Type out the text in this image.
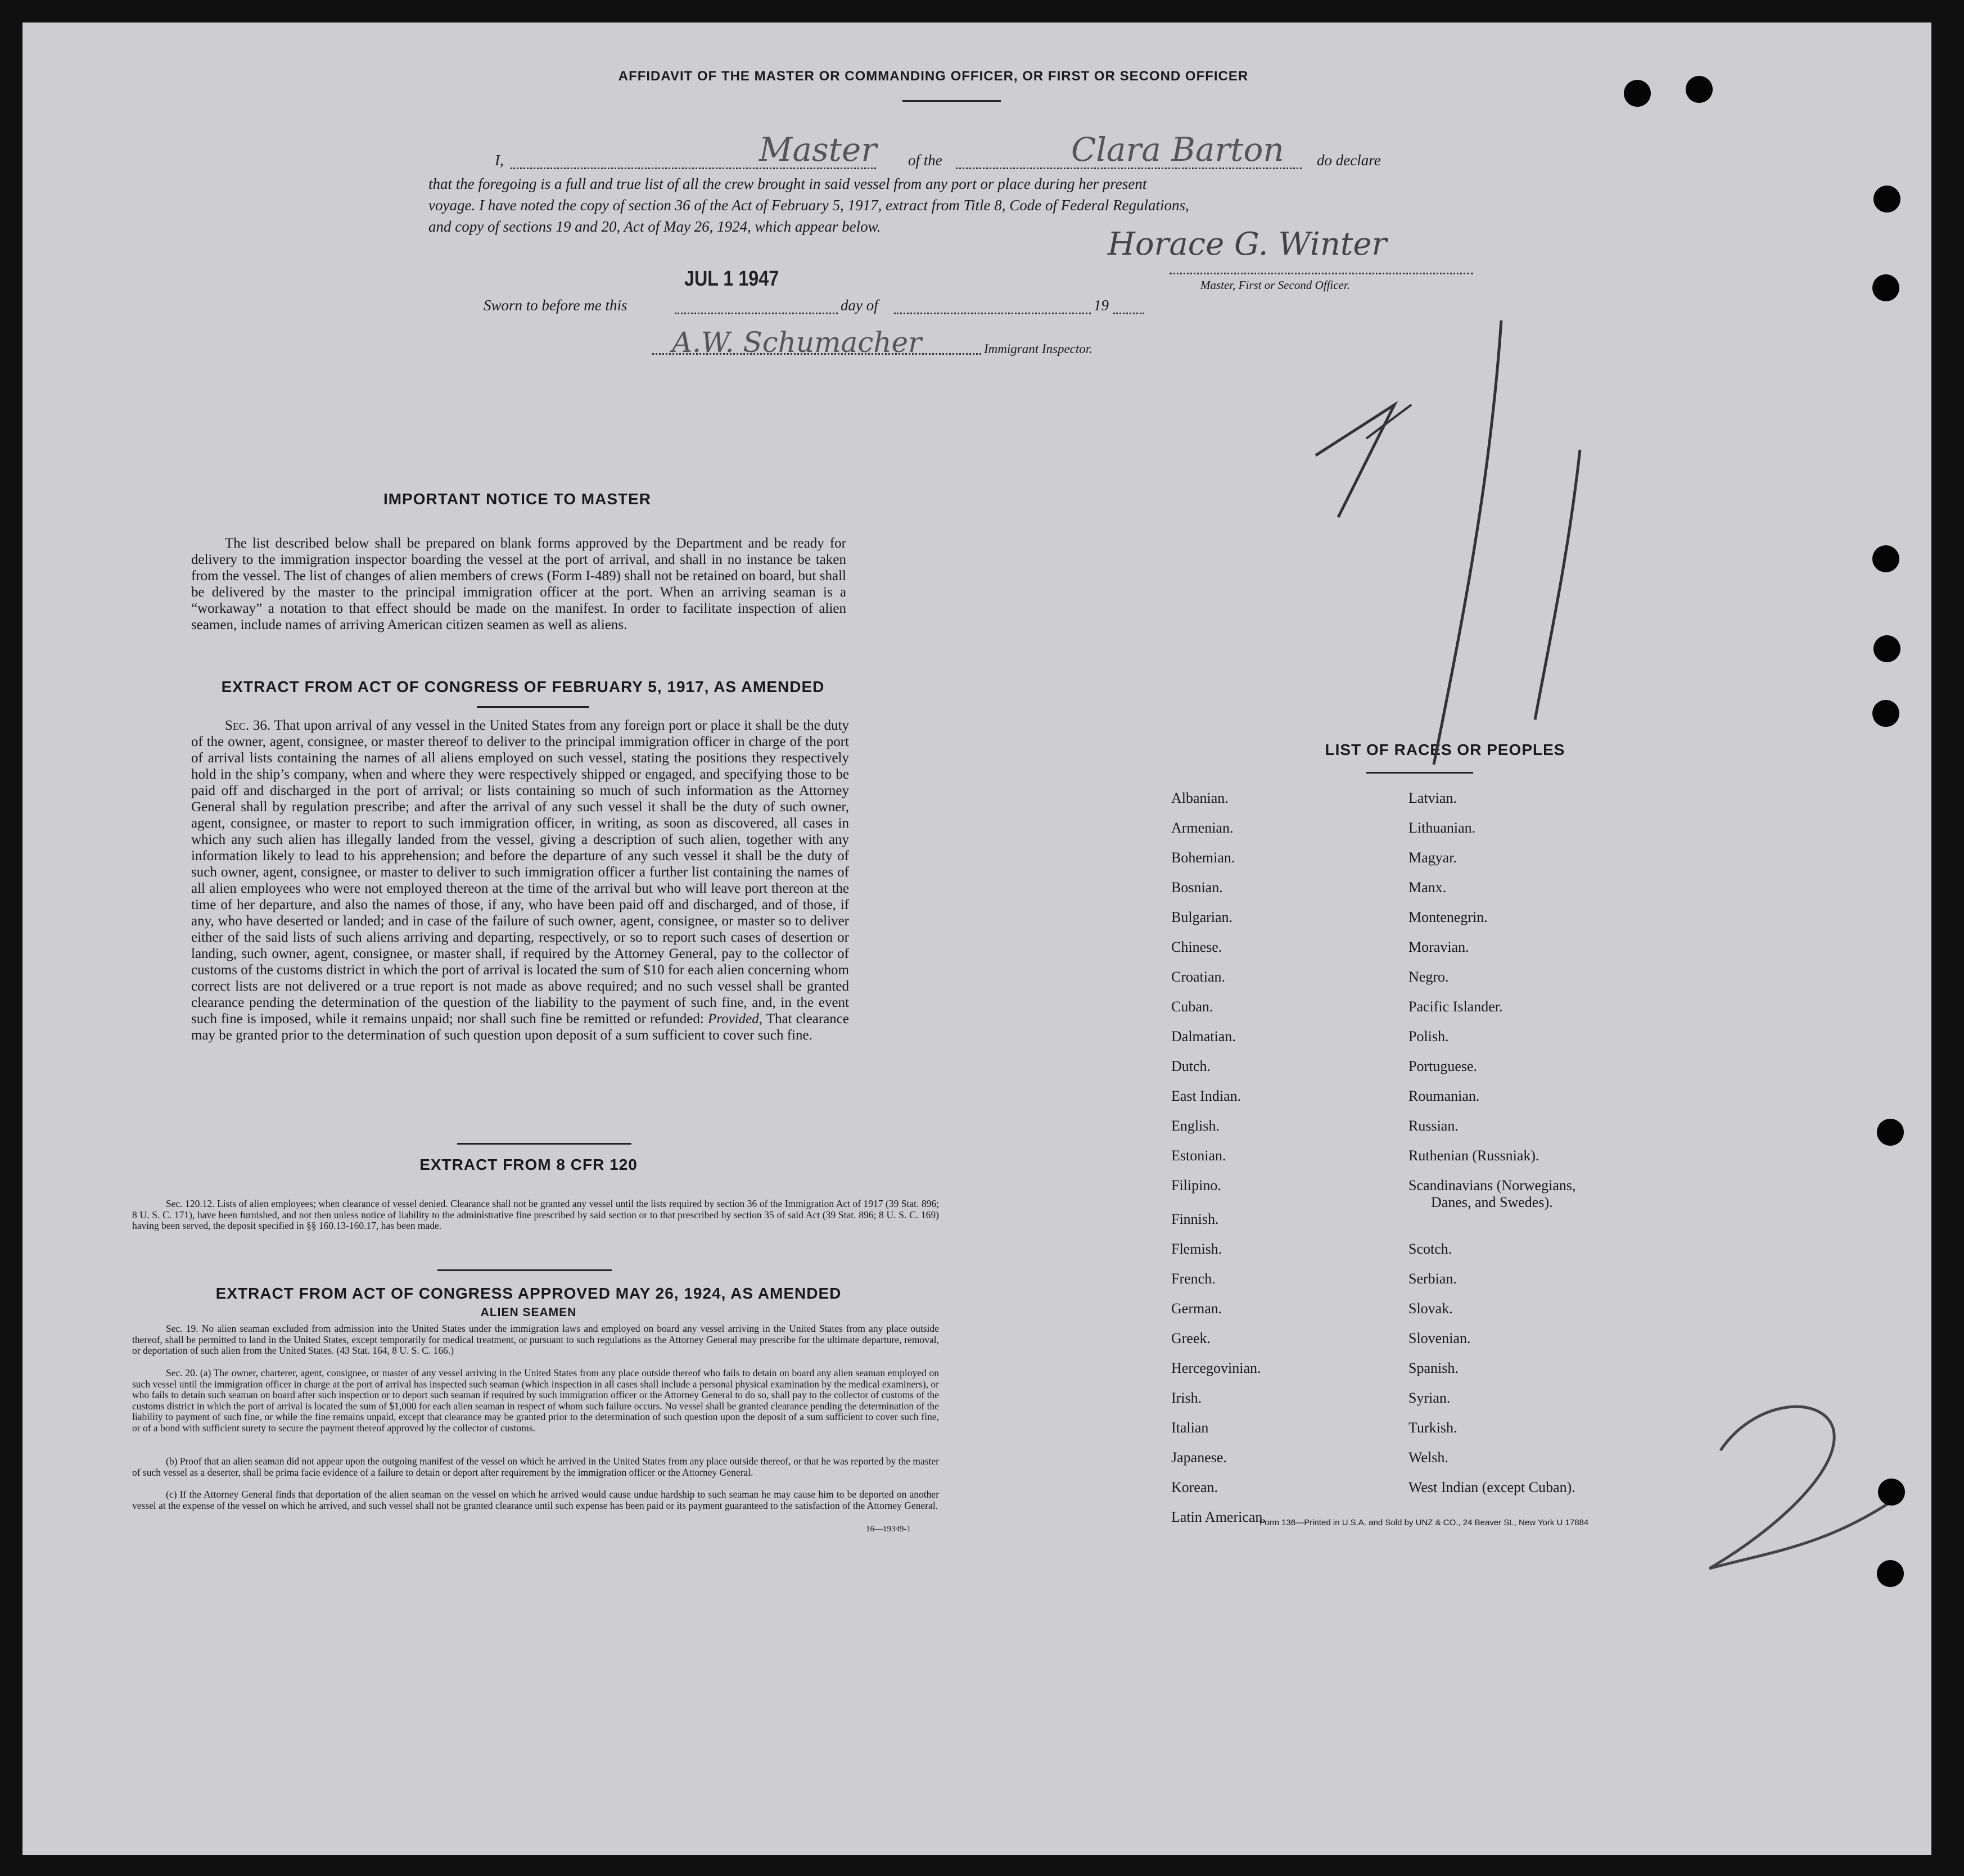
AFFIDAVIT OF THE MASTER OR COMMANDING OFFICER, OR FIRST OR SECOND OFFICER
I,	Master of the	Clara Barton do declare
that the foregoing is a full and true list of all the crew brought in said vessel from any port or place during her present
voyage. I have noted the copy of section 36 of the Act of February 5, 1917, extract from Title 8, Code of Federal Regulations,
and copy of sections 19 and 20, Act of May 26, 1924, which appear below.	Horace G. Winter
Master, First or Second Officer.
JUL 1 1947
Sworn to before me this	day of	19
A.W. Schumacher	Immigrant Inspector.
IMPORTANT NOTICE TO MASTER
The list described below shall be prepared on blank forms approved by the Department and be ready for delivery to the immigration inspector boarding the vessel at the port of arrival, and shall in no instance be taken from the vessel. The list of changes of alien members of crews (Form I-489) shall not be retained on board, but shall be delivered by the master to the principal immigration officer at the port. When an arriving seaman is a “workaway” a notation to that effect should be made on the manifest. In order to facilitate inspection of alien seamen, include names of arriving American citizen seamen as well as aliens.
EXTRACT FROM ACT OF CONGRESS OF FEBRUARY 5, 1917, AS AMENDED
Sec. 36. That upon arrival of any vessel in the United States from any foreign port or place it shall be the duty of the owner, agent, consignee, or master thereof to deliver to the principal immigration officer in charge of the port of arrival lists containing the names of all aliens employed on such vessel, stating the positions they respectively hold in the ship’s company, when and where they were respectively shipped or engaged, and specifying those to be paid off and discharged in the port of arrival; or lists containing so much of such information as the Attorney General shall by regulation prescribe; and after the arrival of any such vessel it shall be the duty of such owner, agent, consignee, or master to report to such immigration officer, in writing, as soon as discovered, all cases in which any such alien has illegally landed from the vessel, giving a description of such alien, together with any information likely to lead to his apprehension; and before the departure of any such vessel it shall be the duty of such owner, agent, consignee, or master to deliver to such immigration officer a further list containing the names of all alien employees who were not employed thereon at the time of the arrival but who will leave port thereon at the time of her departure, and also the names of those, if any, who have been paid off and discharged, and of those, if any, who have deserted or landed; and in case of the failure of such owner, agent, consignee, or master so to deliver either of the said lists of such aliens arriving and departing, respectively, or so to report such cases of desertion or landing, such owner, agent, consignee, or master shall, if required by the Attorney General, pay to the collector of customs of the customs district in which the port of arrival is located the sum of $10 for each alien concerning whom correct lists are not delivered or a true report is not made as above required; and no such vessel shall be granted clearance pending the determination of the question of the liability to the payment of such fine, and, in the event such fine is imposed, while it remains unpaid; nor shall such fine be remitted or refunded: Provided, That clearance may be granted prior to the determination of such question upon deposit of a sum sufficient to cover such fine.
EXTRACT FROM 8 CFR 120
Sec. 120.12. Lists of alien employees; when clearance of vessel denied. Clearance shall not be granted any vessel until the lists required by section 36 of the Immigration Act of 1917 (39 Stat. 896; 8 U. S. C. 171), have been furnished, and not then unless notice of liability to the administrative fine prescribed by said section or to that prescribed by section 35 of said Act (39 Stat. 896; 8 U. S. C. 169) having been served, the deposit specified in §§ 160.13-160.17, has been made.
EXTRACT FROM ACT OF CONGRESS APPROVED MAY 26, 1924, AS AMENDED
ALIEN SEAMEN
Sec. 19. No alien seaman excluded from admission into the United States under the immigration laws and employed on board any vessel arriving in the United States from any place outside thereof, shall be permitted to land in the United States, except temporarily for medical treatment, or pursuant to such regulations as the Attorney General may prescribe for the ultimate departure, removal, or deportation of such alien from the United States. (43 Stat. 164, 8 U. S. C. 166.)
Sec. 20. (a) The owner, charterer, agent, consignee, or master of any vessel arriving in the United States from any place outside thereof who fails to detain on board any alien seaman employed on such vessel until the immigration officer in charge at the port of arrival has inspected such seaman (which inspection in all cases shall include a personal physical examination by the medical examiners), or who fails to detain such seaman on board after such inspection or to deport such seaman if required by such immigration officer or the Attorney General to do so, shall pay to the collector of customs of the customs district in which the port of arrival is located the sum of $1,000 for each alien seaman in respect of whom such failure occurs. No vessel shall be granted clearance pending the determination of the liability to payment of such fine, or while the fine remains unpaid, except that clearance may be granted prior to the determination of such question upon the deposit of a sum sufficient to cover such fine, or of a bond with sufficient surety to secure the payment thereof approved by the collector of customs.
(b) Proof that an alien seaman did not appear upon the outgoing manifest of the vessel on which he arrived in the United States from any place outside thereof, or that he was reported by the master of such vessel as a deserter, shall be prima facie evidence of a failure to detain or deport after requirement by the immigration officer or the Attorney General.
(c) If the Attorney General finds that deportation of the alien seaman on the vessel on which he arrived would cause undue hardship to such seaman he may cause him to be deported on another vessel at the expense of the vessel on which he arrived, and such vessel shall not be granted clearance until such expense has been paid or its payment guaranteed to the satisfaction of the Attorney General.
16—19349-1
LIST OF RACES OR PEOPLES
Albanian.	Latvian.
Armenian.	Lithuanian.
Bohemian.	Magyar.
Bosnian.	Manx.
Bulgarian.	Montenegrin.
Chinese.	Moravian.
Croatian.	Negro.
Cuban.	Pacific Islander.
Dalmatian.	Polish.
Dutch.	Portuguese.
East Indian.	Roumanian.
English.	Russian.
Estonian.	Ruthenian (Russniak).
Filipino.	Scandinavians (Norwegians,
Danes, and Swedes).
Finnish.	
Flemish.	Scotch.
French.	Serbian.
German.	Slovak.
Greek.	Slovenian.
Hercegovinian.	Spanish.
Irish.	Syrian.
Italian	Turkish.
Japanese.	Welsh.
Korean.	West Indian (except Cuban).
Latin American.	
Form 136—Printed in U.S.A. and Sold by UNZ & CO., 24 Beaver St., New York U 17884
7/1
2
